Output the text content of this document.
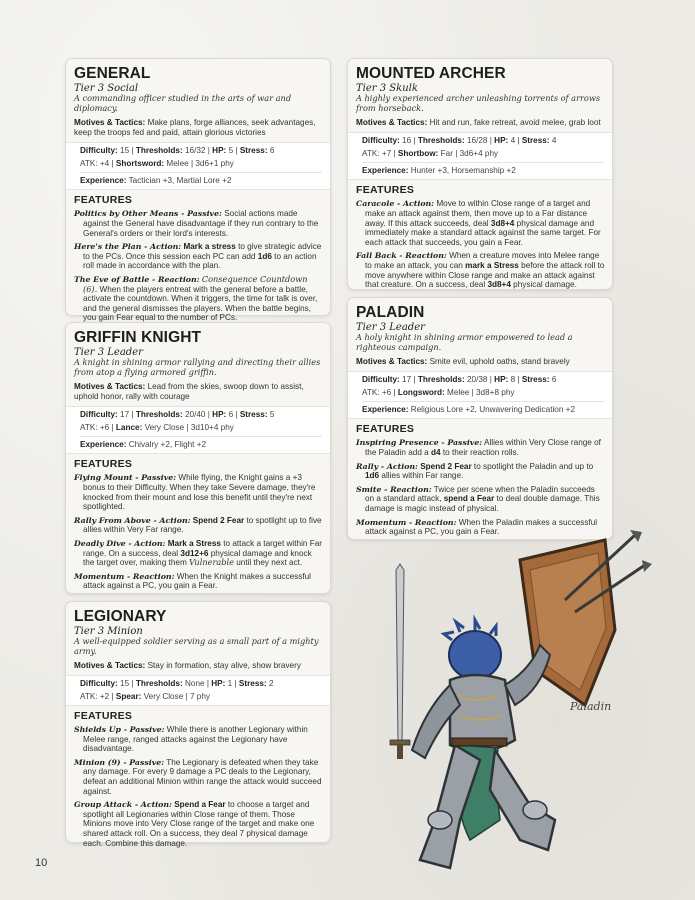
GENERAL
Tier 3 Social
A commanding officer studied in the arts of war and diplomacy.
Motives & Tactics: Make plans, forge alliances, seek advantages, keep the troops fed and paid, attain glorious victories
Difficulty: 15 | Thresholds: 16/32 | HP: 5 | Stress: 6
ATK: +4 | Shortsword: Melee | 3d6+1 phy
Experience: Tactician +3, Martial Lore +2
FEATURES
Politics by Other Means - Passive: Social actions made against the General have disadvantage if they run contrary to the General's orders or their lord's interests.
Here's the Plan - Action: Mark a stress to give strategic advice to the PCs. Once this session each PC can add 1d6 to an action roll made in accordance with the plan.
The Eve of Battle - Reaction: Consequence Countdown (6). When the players entreat with the general before a battle, activate the countdown. When it triggers, the time for talk is over, and the general dismisses the players. When the battle begins, you gain Fear equal to the number of PCs.
GRIFFIN KNIGHT
Tier 3 Leader
A knight in shining armor rallying and directing their allies from atop a flying armored griffin.
Motives & Tactics: Lead from the skies, swoop down to assist, uphold honor, rally with courage
Difficulty: 17 | Thresholds: 20/40 | HP: 6 | Stress: 5
ATK: +6 | Lance: Very Close | 3d10+4 phy
Experience: Chivalry +2, Flight +2
FEATURES
Flying Mount - Passive: While flying, the Knight gains a +3 bonus to their Difficulty. When they take Severe damage, they're knocked from their mount and lose this benefit until they're next spotlighted.
Rally From Above - Action: Spend 2 Fear to spotlight up to five allies within Very Far range.
Deadly Dive - Action: Mark a Stress to attack a target within Far range. On a success, deal 3d12+6 physical damage and knock the target over, making them Vulnerable until they next act.
Momentum - Reaction: When the Knight makes a successful attack against a PC, you gain a Fear.
LEGIONARY
Tier 3 Minion
A well-equipped soldier serving as a small part of a mighty army.
Motives & Tactics: Stay in formation, stay alive, show bravery
Difficulty: 15 | Thresholds: None | HP: 1 | Stress: 2
ATK: +2 | Spear: Very Close | 7 phy
FEATURES
Shields Up - Passive: While there is another Legionary within Melee range, ranged attacks against the Legionary have disadvantage.
Minion (9) - Passive: The Legionary is defeated when they take any damage. For every 9 damage a PC deals to the Legionary, defeat an additional Minion within range the attack would succeed against.
Group Attack - Action: Spend a Fear to choose a target and spotlight all Legionaries within Close range of them. Those Minions move into Very Close range of the target and make one shared attack roll. On a success, they deal 7 physical damage each. Combine this damage.
MOUNTED ARCHER
Tier 3 Skulk
A highly experienced archer unleashing torrents of arrows from horseback.
Motives & Tactics: Hit and run, fake retreat, avoid melee, grab loot
Difficulty: 16 | Thresholds: 16/28 | HP: 4 | Stress: 4
ATK: +7 | Shortbow: Far | 3d6+4 phy
Experience: Hunter +3, Horsemanship +2
FEATURES
Caracole - Action: Move to within Close range of a target and make an attack against them, then move up to a Far distance away. If this attack succeeds, deal 3d8+4 physical damage and immediately make a standard attack against the same target. For each attack that succeeds, you gain a Fear.
Fall Back - Reaction: When a creature moves into Melee range to make an attack, you can mark a Stress before the attack roll to move anywhere within Close range and make an attack against that creature. On a success, deal 3d8+4 physical damage.
PALADIN
Tier 3 Leader
A holy knight in shining armor empowered to lead a righteous campaign.
Motives & Tactics: Smite evil, uphold oaths, stand bravely
Difficulty: 17 | Thresholds: 20/38 | HP: 8 | Stress: 6
ATK: +6 | Longsword: Melee | 3d8+8 phy
Experience: Religious Lore +2, Unwavering Dedication +2
FEATURES
Inspiring Presence - Passive: Allies within Very Close range of the Paladin add a d4 to their reaction rolls.
Rally - Action: Spend 2 Fear to spotlight the Paladin and up to 1d6 allies within Far range.
Smite - Reaction: Twice per scene when the Paladin succeeds on a standard attack, spend a Fear to deal double damage. This damage is magic instead of physical.
Momentum - Reaction: When the Paladin makes a successful attack against a PC, you gain a Fear.
Paladin
10
